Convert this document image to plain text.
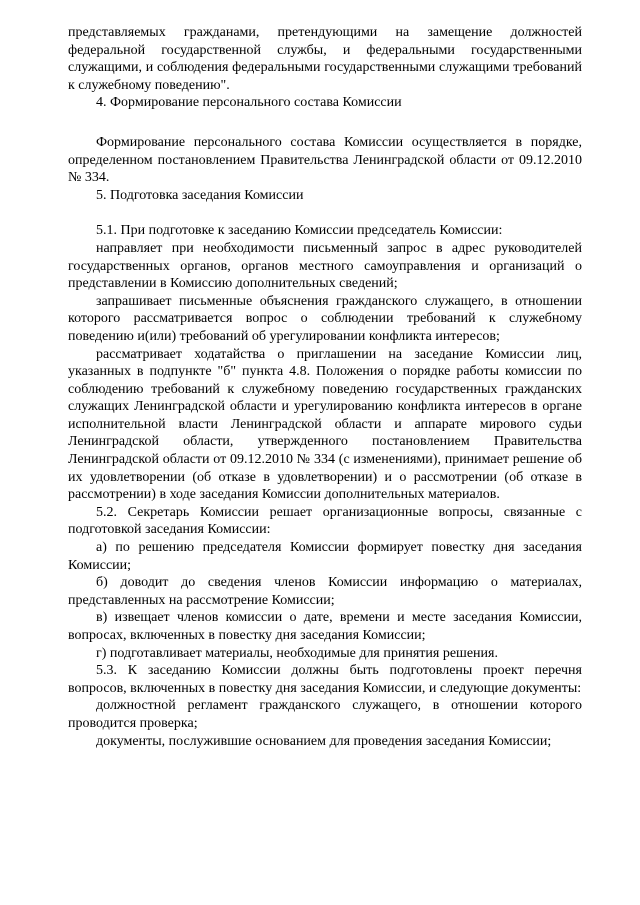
представляемых гражданами, претендующими на замещение должностей федеральной государственной службы, и федеральными государственными служащими, и соблюдения федеральными государственными служащими требований к служебному поведению".

4. Формирование персонального состава Комиссии

Формирование персонального состава Комиссии осуществляется в порядке, определенном постановлением Правительства Ленинградской области от 09.12.2010 № 334.

5. Подготовка заседания Комиссии

5.1. При подготовке к заседанию Комиссии председатель Комиссии:

направляет при необходимости письменный запрос в адрес руководителей государственных органов, органов местного самоуправления и организаций о представлении в Комиссию дополнительных сведений;

запрашивает письменные объяснения гражданского служащего, в отношении которого рассматривается вопрос о соблюдении требований к служебному поведению и(или) требований об урегулировании конфликта интересов;

рассматривает ходатайства о приглашении на заседание Комиссии лиц, указанных в подпункте "б" пункта 4.8. Положения о порядке работы комиссии по соблюдению требований к служебному поведению государственных гражданских служащих Ленинградской области и урегулированию конфликта интересов в органе исполнительной власти Ленинградской области и аппарате мирового судьи Ленинградской области, утвержденного постановлением Правительства Ленинградской области от 09.12.2010 № 334 (с изменениями), принимает решение об их удовлетворении (об отказе в удовлетворении) и о рассмотрении (об отказе в рассмотрении) в ходе заседания Комиссии дополнительных материалов.

5.2. Секретарь Комиссии решает организационные вопросы, связанные с подготовкой заседания Комиссии:

а) по решению председателя Комиссии формирует повестку дня заседания Комиссии;

б) доводит до сведения членов Комиссии информацию о материалах, представленных на рассмотрение Комиссии;

в) извещает членов комиссии о дате, времени и месте заседания Комиссии, вопросах, включенных в повестку дня заседания Комиссии;

г) подготавливает материалы, необходимые для принятия решения.

5.3. К заседанию Комиссии должны быть подготовлены проект перечня вопросов, включенных в повестку дня заседания Комиссии, и следующие документы:

должностной регламент гражданского служащего, в отношении которого проводится проверка;

документы, послужившие основанием для проведения заседания Комиссии;
